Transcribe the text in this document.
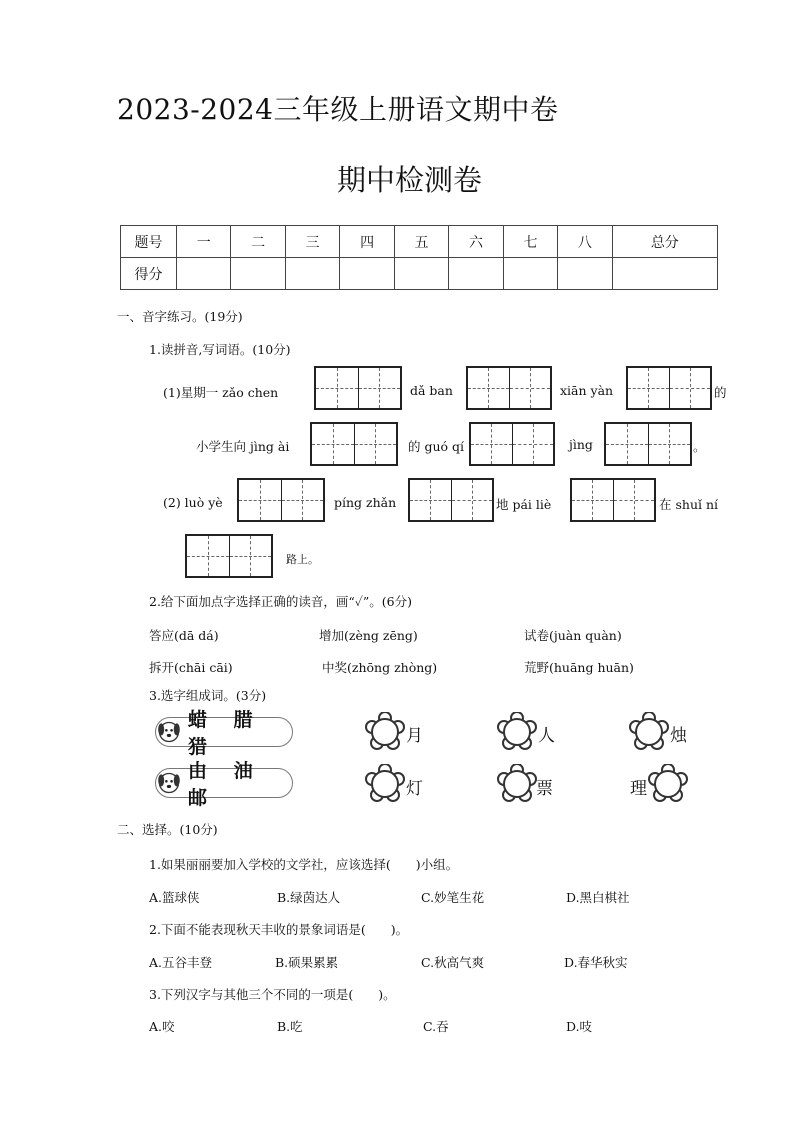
2023-2024三年级上册语文期中卷
期中检测卷
题号	一	二	三	四	五	六	七	八	总分
得分									
一、音字练习。(19分)
1.读拼音,写词语。(10分)
(1)星期一 zǎo chen	dǎ ban	xiān yàn	的
小学生向 jìng ài	的 guó qí	jìng	。
(2) luò yè	píng zhǎn	地 pái liè	在 shuǐ ní
路上。
2.给下面加点字选择正确的读音，画“✓”。(6分)
答应(dā dá)	增加(zèng zēng)	试卷(juàn quàn)
拆开(chāi cāi)	中奖(zhōng zhòng)	荒野(huāng huān)
3.选字组成词。(3分)
蜡 腊 猎
由 油 邮
月	人	烛
灯	票	理
二、选择。(10分)
1.如果丽丽要加入学校的文学社，应该选择(　　)小组。
A.篮球侠	B.绿茵达人	C.妙笔生花	D.黑白棋社
2.下面不能表现秋天丰收的景象词语是(　　)。
A.五谷丰登	B.硕果累累	C.秋高气爽	D.春华秋实
3.下列汉字与其他三个不同的一项是(　　)。
A.咬	B.吃	C.吞	D.吱
